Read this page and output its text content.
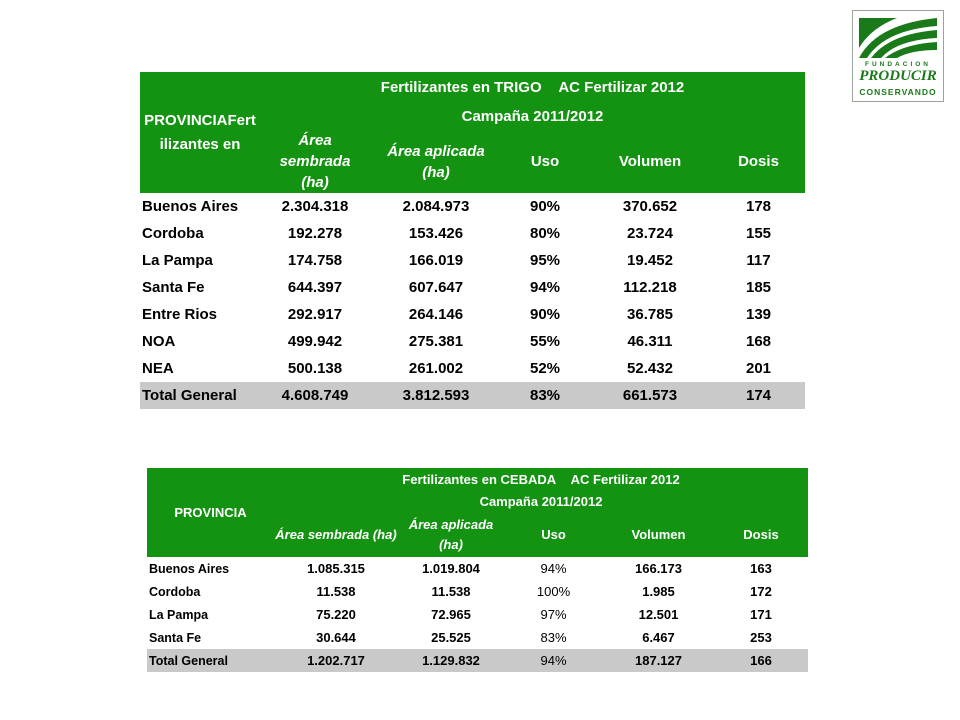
FUNDACION
PRODUCIR
CONSERVANDO
PROVINCIAFertilizantes en	Fertilizantes en TRIGO AC Fertilizar 2012				
	Campaña 2011/2012				
	Área sembrada (ha)	Área aplicada (ha)	Uso	Volumen	Dosis
Buenos Aires	2.304.318	2.084.973	90%	370.652	178
Cordoba	192.278	153.426	80%	23.724	155
La Pampa	174.758	166.019	95%	19.452	117
Santa Fe	644.397	607.647	94%	112.218	185
Entre Rios	292.917	264.146	90%	36.785	139
NOA	499.942	275.381	55%	46.311	168
NEA	500.138	261.002	52%	52.432	201
Total General	4.608.749	3.812.593	83%	661.573	174
PROVINCIA	Fertilizantes en CEBADA AC Fertilizar 2012				
	Campaña 2011/2012				
	Área sembrada (ha)	Área aplicada (ha)	Uso	Volumen	Dosis
Buenos Aires	1.085.315	1.019.804	94%	166.173	163
Cordoba	11.538	11.538	100%	1.985	172
La Pampa	75.220	72.965	97%	12.501	171
Santa Fe	30.644	25.525	83%	6.467	253
Total General	1.202.717	1.129.832	94%	187.127	166
